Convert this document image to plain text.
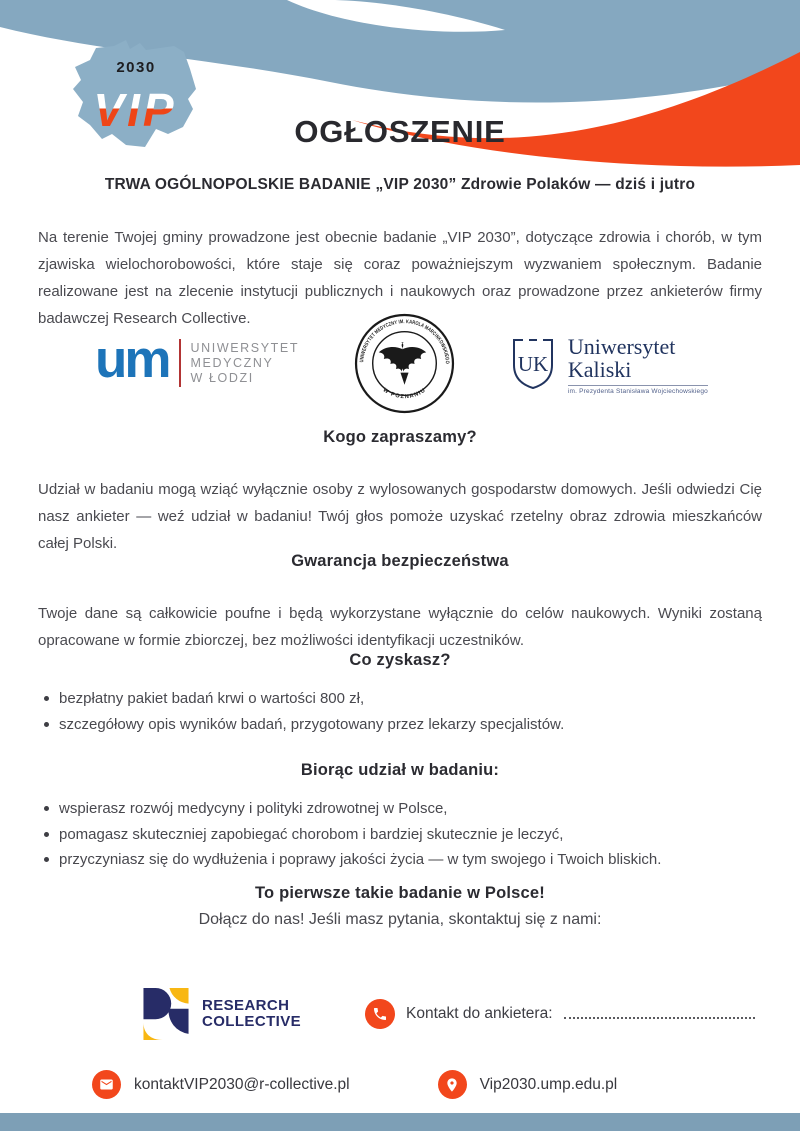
2030
VIP	OGŁOSZENIE
TRWA OGÓLNOPOLSKIE BADANIE „VIP 2030” Zdrowie Polaków — dziś i jutro

Na terenie Twojej gminy prowadzone jest obecnie badanie „VIP 2030”, dotyczące zdrowia i chorób, w tym zjawiska wielochorobowości, które staje się coraz poważniejszym wyzwaniem społecznym. Badanie realizowane jest na zlecenie instytucji publicznych i naukowych oraz prowadzone przez ankieterów firmy badawczej Research Collective.

um UNIWERSYTET
MEDYCZNY
W ŁODZI
UNIWERSYTET MEDYCZNY IM. KAROLA MARCINKOWSKIEGO
W POZNANIU
UK
Uniwersytet
Kaliski
im. Prezydenta Stanisława Wojciechowskiego
Kogo zapraszamy?

Udział w badaniu mogą wziąć wyłącznie osoby z wylosowanych gospodarstw domowych. Jeśli odwiedzi Cię nasz ankieter — weź udział w badaniu! Twój głos pomoże uzyskać rzetelny obraz zdrowia mieszkańców całej Polski.

Gwarancja bezpieczeństwa

Twoje dane są całkowicie poufne i będą wykorzystane wyłącznie do celów naukowych. Wyniki zostaną opracowane w formie zbiorczej, bez możliwości identyfikacji uczestników.

Co zyskasz?
bezpłatny pakiet badań krwi o wartości 800 zł,
szczegółowy opis wyników badań, przygotowany przez lekarzy specjalistów.
Biorąc udział w badaniu:
wspierasz rozwój medycyny i polityki zdrowotnej w Polsce,
pomagasz skuteczniej zapobiegać chorobom i bardziej skutecznie je leczyć,
przyczyniasz się do wydłużenia i poprawy jakości życia — w tym swojego i Twoich bliskich.
To pierwsze takie badanie w Polsce!
Dołącz do nas! Jeśli masz pytania, skontaktuj się z nami:
RESEARCH
COLLECTIVE	Kontakt do ankietera:
kontaktVIP2030@r-collective.pl	Vip2030.ump.edu.pl
